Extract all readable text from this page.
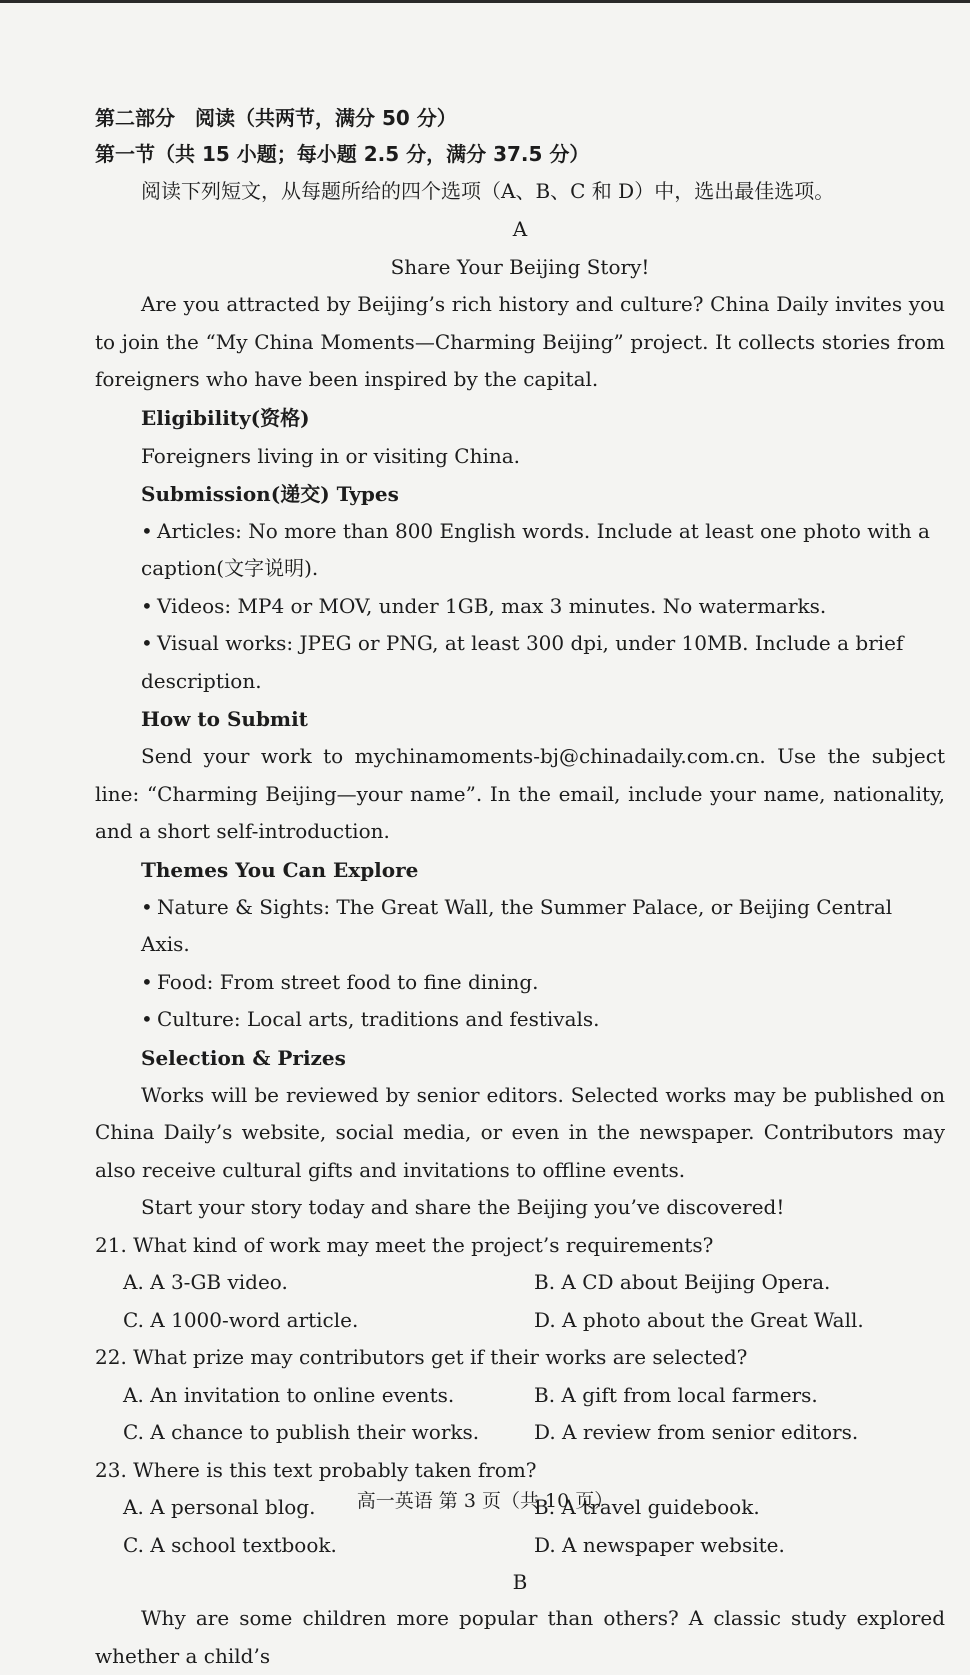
第二部分　阅读（共两节，满分 50 分）
第一节（共 15 小题；每小题 2.5 分，满分 37.5 分）
阅读下列短文，从每题所给的四个选项（A、B、C 和 D）中，选出最佳选项。
A
Share Your Beijing Story!
Are you attracted by Beijing’s rich history and culture? China Daily invites you to join the “My China Moments—Charming Beijing” project. It collects stories from foreigners who have been inspired by the capital.
Eligibility(资格)
Foreigners living in or visiting China.
Submission(递交) Types
• Articles: No more than 800 English words. Include at least one photo with a caption(文字说明).
• Videos: MP4 or MOV, under 1GB, max 3 minutes. No watermarks.
• Visual works: JPEG or PNG, at least 300 dpi, under 10MB. Include a brief description.
How to Submit
Send your work to mychinamoments-bj@chinadaily.com.cn. Use the subject line: “Charming Beijing—your name”. In the email, include your name, nationality, and a short self-introduction.
Themes You Can Explore
• Nature & Sights: The Great Wall, the Summer Palace, or Beijing Central Axis.
• Food: From street food to fine dining.
• Culture: Local arts, traditions and festivals.
Selection & Prizes
Works will be reviewed by senior editors. Selected works may be published on China Daily’s website, social media, or even in the newspaper. Contributors may also receive cultural gifts and invitations to offline events.
Start your story today and share the Beijing you’ve discovered!
21. What kind of work may meet the project’s requirements?
A. A 3-GB video.	B. A CD about Beijing Opera.
C. A 1000-word article.	D. A photo about the Great Wall.
22. What prize may contributors get if their works are selected?
A. An invitation to online events.	B. A gift from local farmers.
C. A chance to publish their works.	D. A review from senior editors.
23. Where is this text probably taken from?
A. A personal blog.	B. A travel guidebook.
C. A school textbook.	D. A newspaper website.
B
Why are some children more popular than others? A classic study explored whether a child’s
高一英语 第 3 页（共 10 页）
